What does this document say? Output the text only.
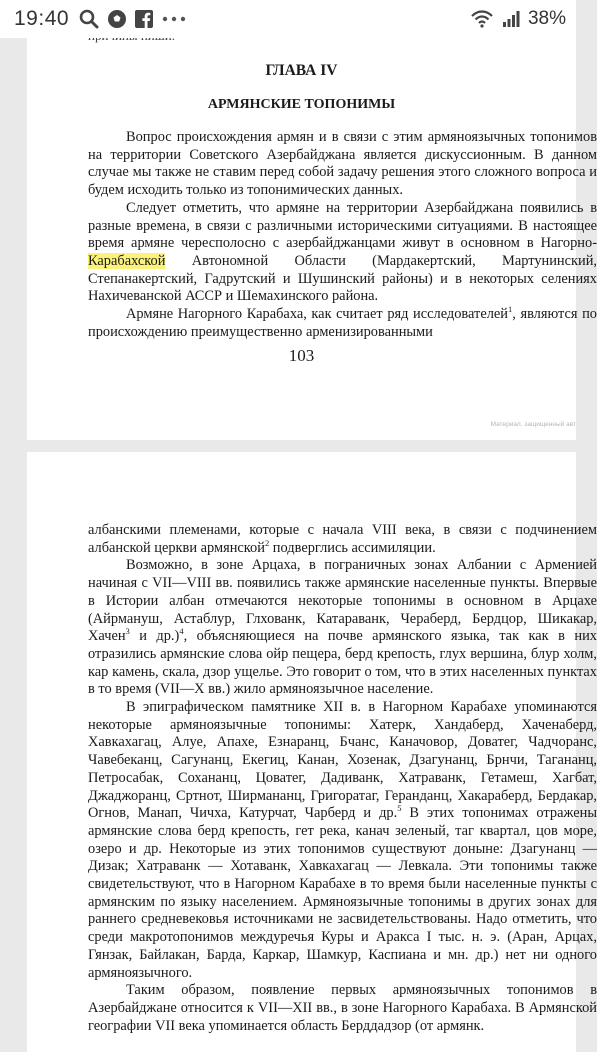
19:40	38%
ГЛАВА IV
АРМЯНСКИЕ ТОПОНИМЫ

Вопрос происхождения армян и в связи с этим армяноязычных топонимов на территории Советского Азербайджана является дискуссионным. В данном случае мы также не ставим перед собой задачу решения этого сложного вопроса и будем исходить только из топонимических данных.

Следует отметить, что армяне на территории Азербайджана появились в разные времена, в связи с различными историческими ситуациями. В настоящее время армяне чересполосно с азербайджанцами живут в основном в Нагорно-Карабахской Автономной Области (Мардакертский, Мартунинский, Степанакертский, Гадрутский и Шушинский районы) и в некоторых селениях Нахичеванской АССР и Шемахинского района.

Армяне Нагорного Карабаха, как считает ряд исследователей$^1$, являются по происхождению преимущественно арменизированными

103
Материал, защищенный авт

албанскими племенами, которые с начала VIII века, в связи с подчинением албанской церкви армянской$^2$ подверглись ассимиляции.

Возможно, в зоне Арцаха, в пограничных зонах Албании с Арменией начиная с VII—VIII вв. появились также армянские населенные пункты. Впервые в Истории албан отмечаются некоторые топонимы в основном в Арцахе (Айрмануш, Астаблур, Глхованк, Катараванк, Чераберд, Бердцор, Шикакар, Хачен$^3$ и др.)$^4$, объясняющиеся на почве армянского языка, так как в них отразились армянские слова ойр пещера, берд крепость, глух вершина, блур холм, кар камень, скала, дзор ущелье. Это говорит о том, что в этих населенных пунктах в то время (VII—X вв.) жило армяноязычное население.

В эпиграфическом памятнике XII в. в Нагорном Карабахе упоминаются некоторые армяноязычные топонимы: Хатерк, Хандаберд, Хаченаберд, Хавкахагац, Алуе, Апахе, Езнаранц, Бчанс, Каначовор, Доватег, Чадчоранс, Чавебеканц, Сагунанц, Екегиц, Канан, Хозенак, Дзагунанц, Брнчи, Тагананц, Петросабак, Сохананц, Цоватег, Дадиванк, Хатраванк, Гетамеш, Хагбат, Джаджоранц, Сртнот, Ширмананц, Григоратаг, Геранданц, Хакараберд, Бердакар, Огнов, Манап, Чичха, Катурчат, Чарберд и др.$^5$ В этих топонимах отражены армянские слова берд крепость, гет река, канач зеленый, таг квартал, цов море, озеро и др. Некоторые из этих топонимов существуют доныне: Дзагунанц — Дизак; Хатраванк — Хотаванк, Хавкахагац — Левкала. Эти топонимы также свидетельствуют, что в Нагорном Карабахе в то время были населенные пункты с армянским по языку населением. Армяноязычные топонимы в других зонах для раннего средневековья источниками не засвидетельствованы. Надо отметить, что среди макротопонимов междуречья Куры и Аракса I тыс. н. э. (Аран, Арцах, Гянзак, Байлакан, Барда, Каркар, Шамкур, Каспиана и мн. др.) нет ни одного армяноязычного.

Таким образом, появление первых армяноязычных топонимов в Азербайджане относится к VII—XII вв., в зоне Нагорного Карабаха. В Армянской географии VII века упоминается область Берддадзор (от армянк.
